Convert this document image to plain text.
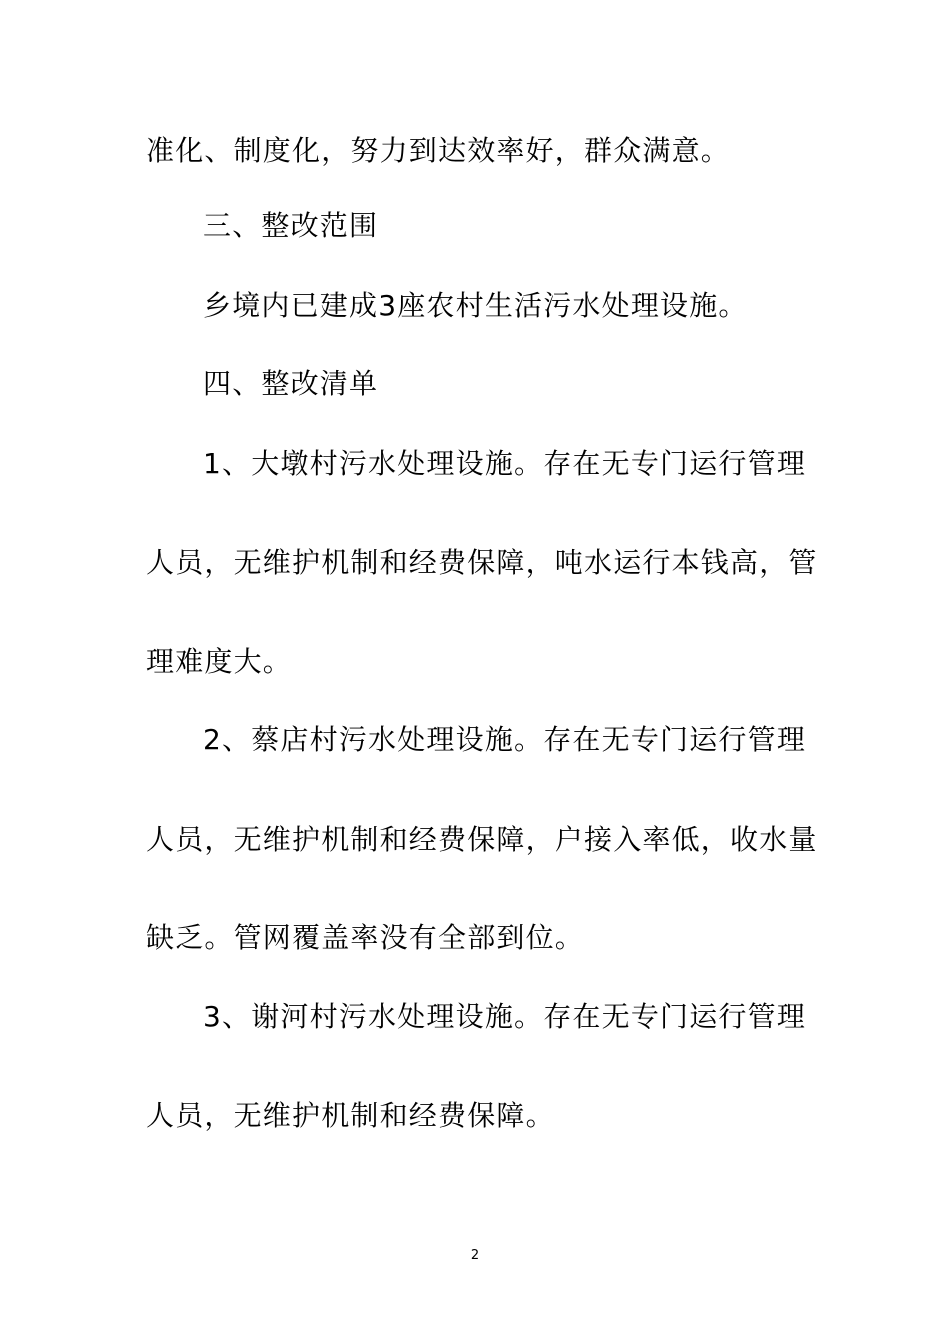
准化、制度化，努力到达效率好，群众满意。
三、整改范围
乡境内已建成3座农村生活污水处理设施。
四、整改清单
1、大墩村污水处理设施。存在无专门运行管理
人员，无维护机制和经费保障，吨水运行本钱高，管
理难度大。
2、蔡店村污水处理设施。存在无专门运行管理
人员，无维护机制和经费保障，户接入率低，收水量
缺乏。管网覆盖率没有全部到位。
3、谢河村污水处理设施。存在无专门运行管理
人员，无维护机制和经费保障。
2
